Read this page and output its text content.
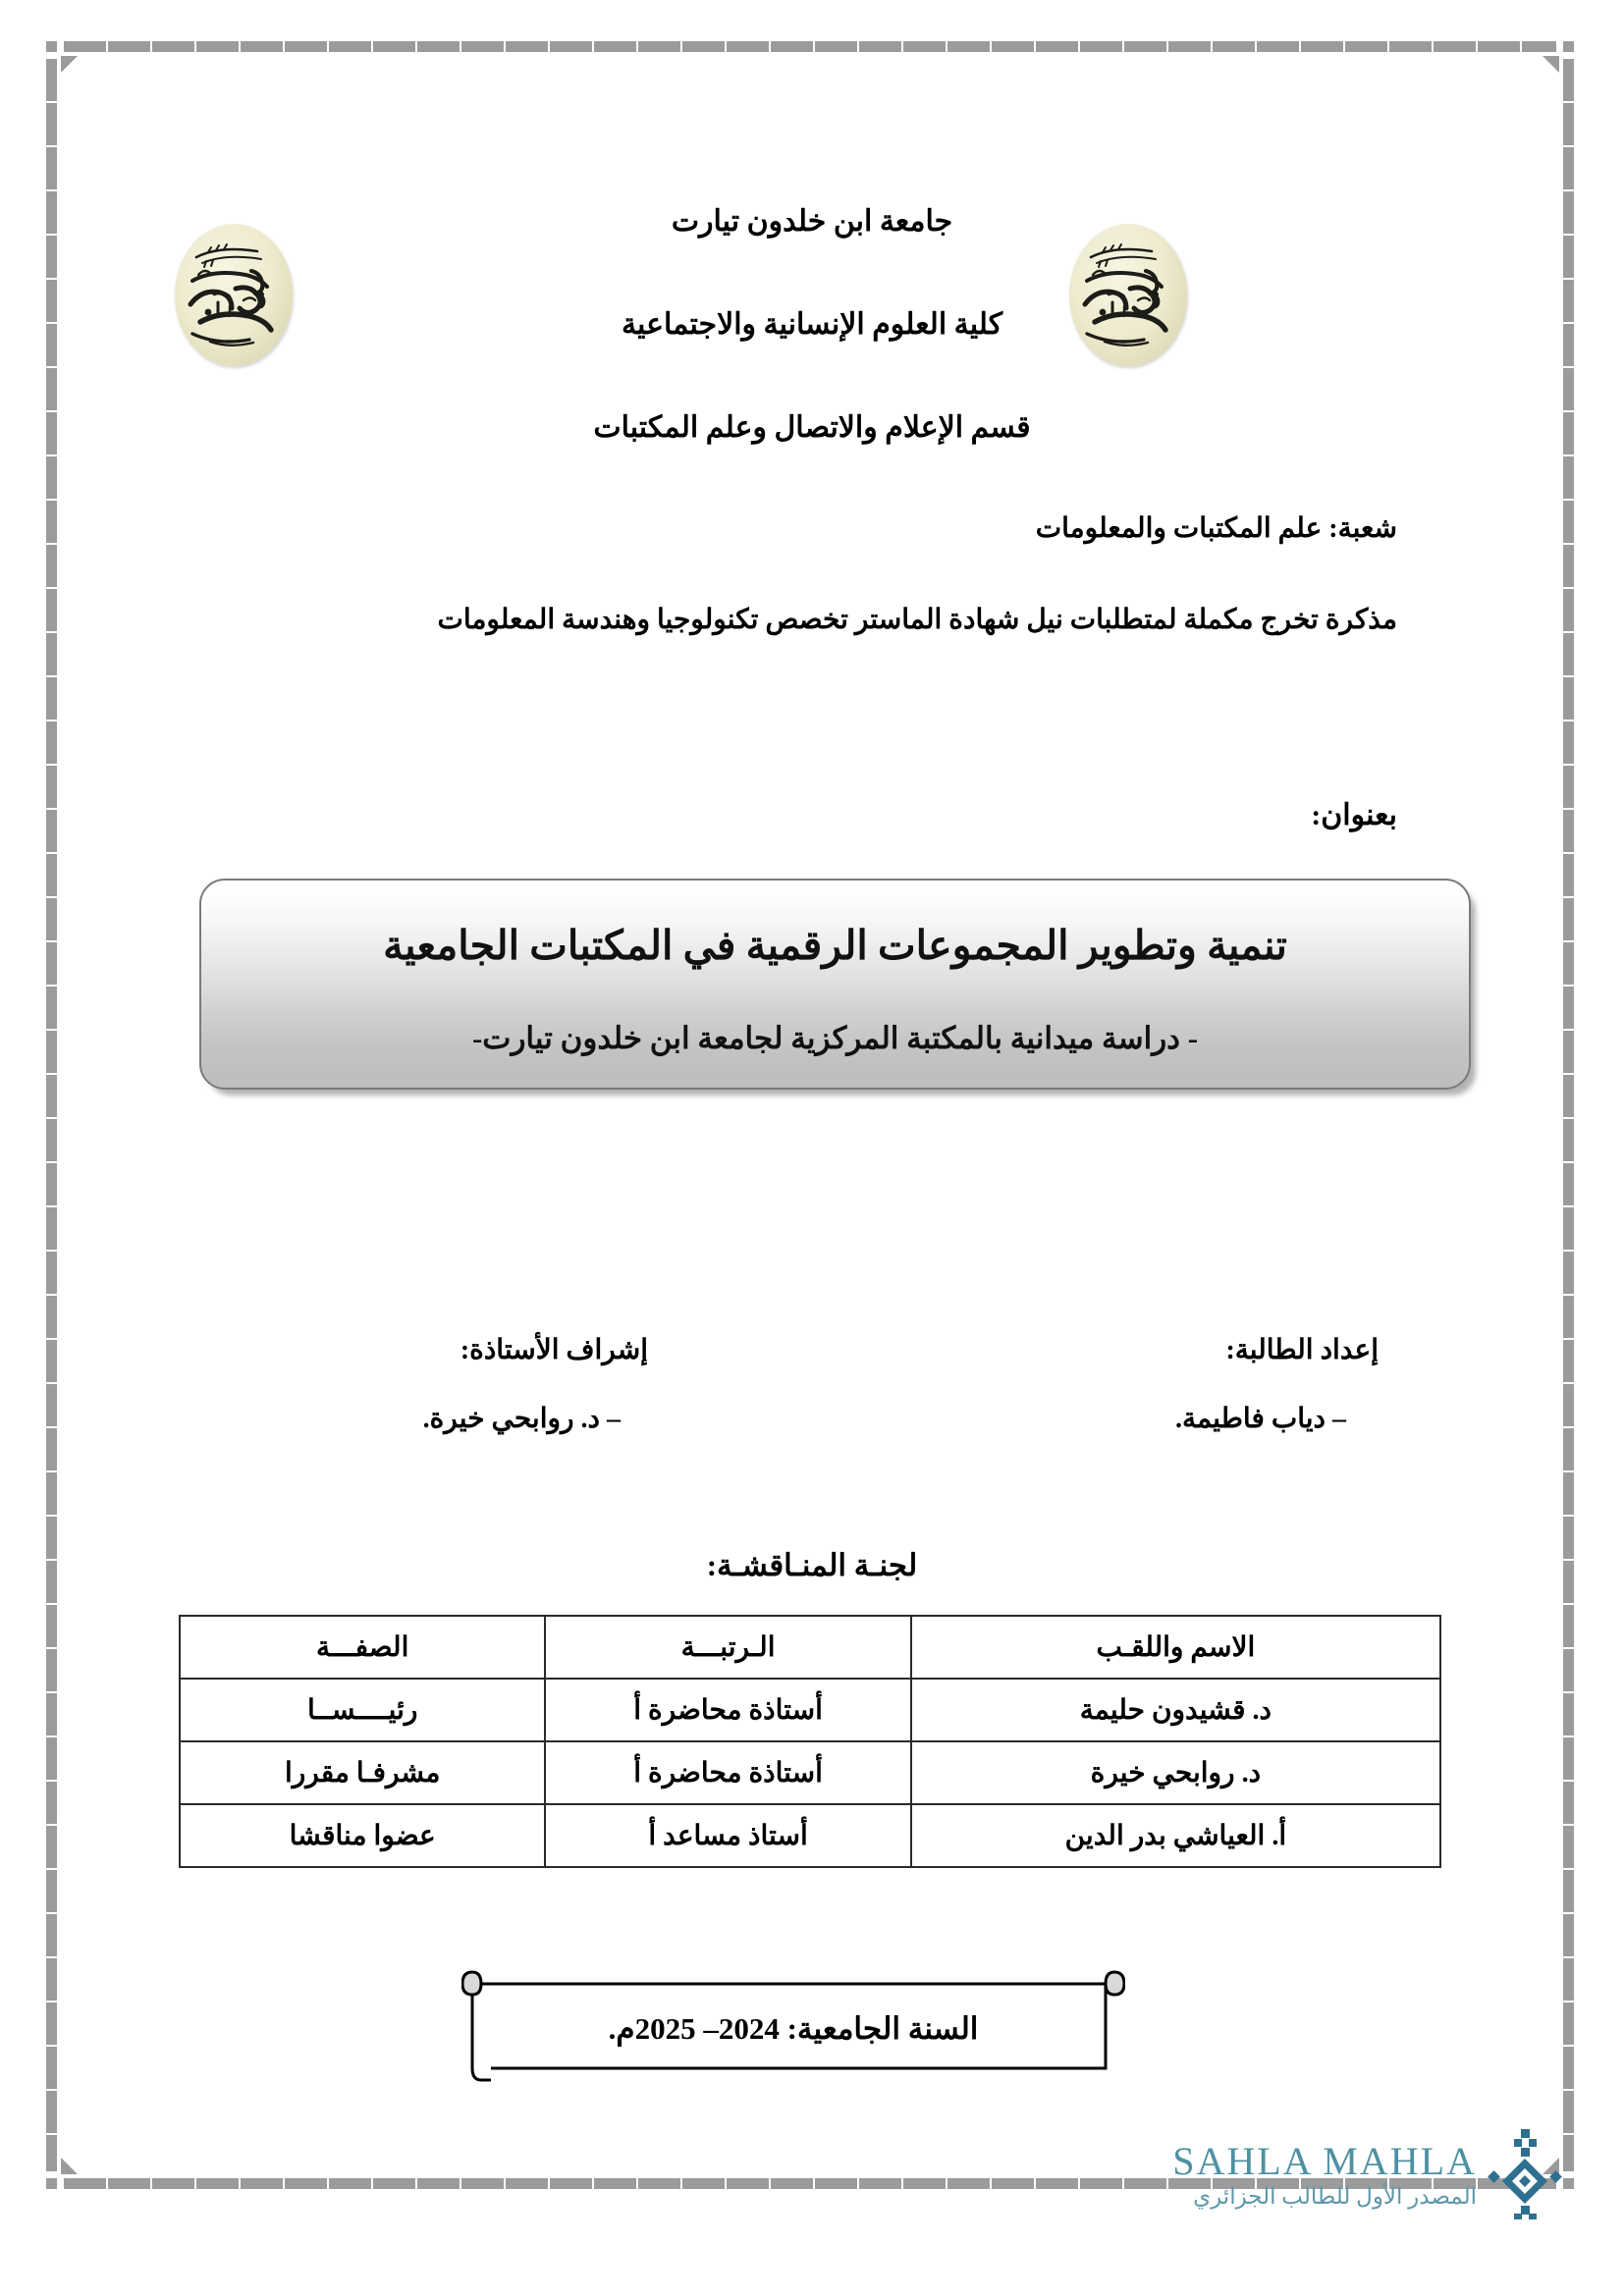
جامعة ابن خلدون تيارت
كلية العلوم الإنسانية والاجتماعية
قسم الإعلام والاتصال وعلم المكتبات
شعبة: علم المكتبات والمعلومات
مذكرة تخرج مكملة لمتطلبات نيل شهادة الماستر تخصص تكنولوجيا وهندسة المعلومات
بعنوان:
تنمية وتطوير المجموعات الرقمية في المكتبات الجامعية
- دراسة ميدانية بالمكتبة المركزية لجامعة ابن خلدون تيارت-
إعداد الطالبة:
– دياب فاطيمة.
إشراف الأستاذة:
– د. روابحي خيرة.
لجنـة المنـاقشـة:
الاسم واللقـب	الـرتبـــة	الصفـــة
د. قشيدون حليمة	أستاذة محاضرة أ	رئيــــســا
د. روابحي خيرة	أستاذة محاضرة أ	مشرفـا مقررا
أ. العياشي بدر الدين	أستاذ مساعد أ	عضوا مناقشا
السنة الجامعية: 2024– 2025م.
SAHLA MAHLA
المصدر الأول للطالب الجزائري
